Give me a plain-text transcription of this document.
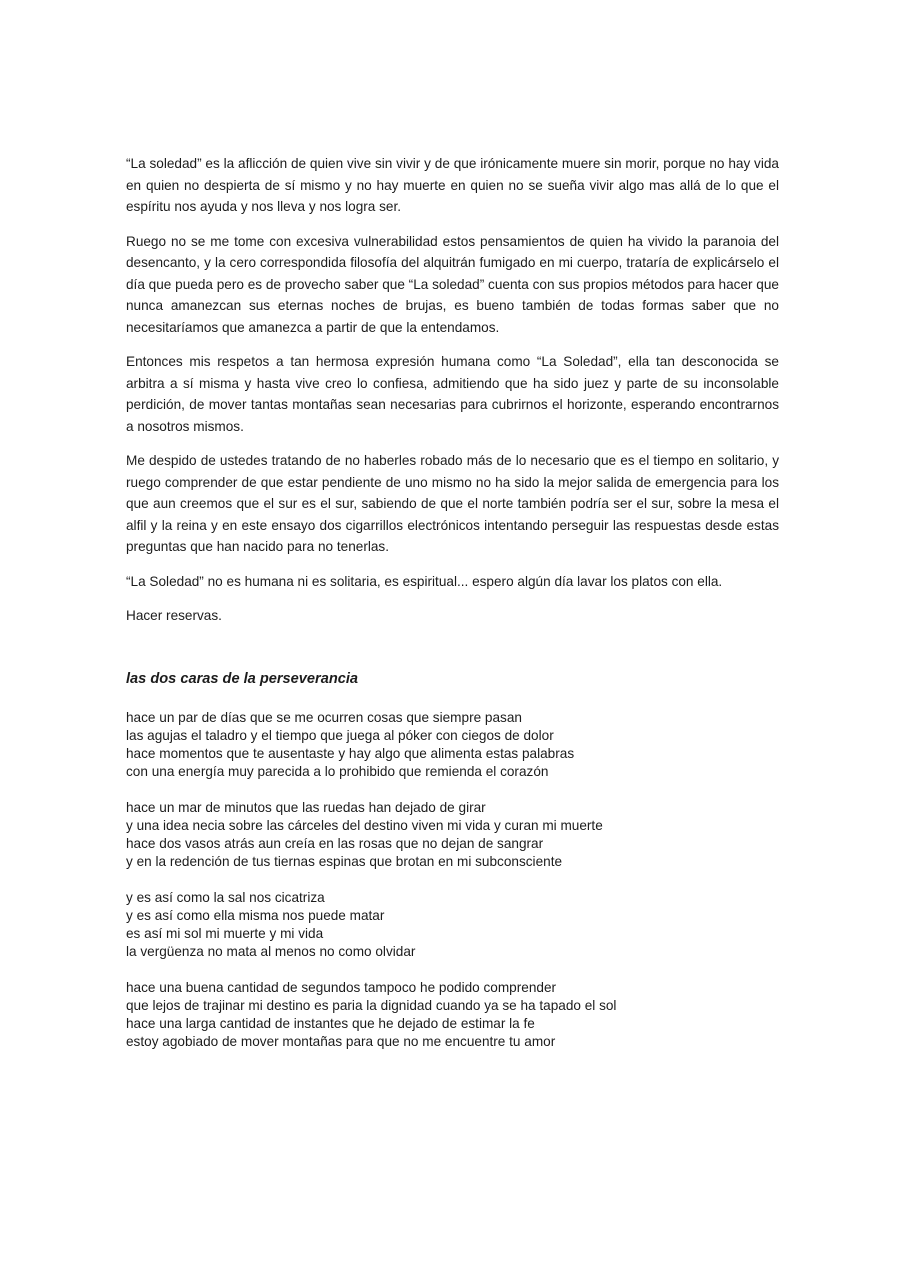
“La soledad” es la aflicción de quien vive sin vivir y de que irónicamente muere sin morir, porque no hay vida en quien no despierta de sí mismo y no hay muerte en quien no se sueña vivir algo mas allá de lo que el espíritu nos ayuda y nos lleva y nos logra ser.

Ruego no se me tome con excesiva vulnerabilidad estos pensamientos de quien ha vivido la paranoia del desencanto, y la cero correspondida filosofía del alquitrán fumigado en mi cuerpo, trataría de explicárselo el día que pueda pero es de provecho saber que “La soledad” cuenta con sus propios métodos para hacer que nunca amanezcan sus eternas noches de brujas, es bueno también de todas formas saber que no necesitaríamos que amanezca a partir de que la entendamos.

Entonces mis respetos a tan hermosa expresión humana como “La Soledad”, ella tan desconocida se arbitra a sí misma y hasta vive creo lo confiesa, admitiendo que ha sido juez y parte de su inconsolable perdición, de mover tantas montañas sean necesarias para cubrirnos el horizonte, esperando encontrarnos a nosotros mismos.

Me despido de ustedes tratando de no haberles robado más de lo necesario que es el tiempo en solitario, y ruego comprender de que estar pendiente de uno mismo no ha sido la mejor salida de emergencia para los que aun creemos que el sur es el sur, sabiendo de que el norte también podría ser el sur, sobre la mesa el alfil y la reina y en este ensayo dos cigarrillos electrónicos intentando perseguir las respuestas desde estas preguntas que han nacido para no tenerlas.

“La Soledad” no es humana ni es solitaria, es espiritual... espero algún día lavar los platos con ella.

Hacer reservas.

las dos caras de la perseverancia
hace un par de días que se me ocurren cosas que siempre pasan
las agujas el taladro y el tiempo que juega al póker con ciegos de dolor
hace momentos que te ausentaste y hay algo que alimenta estas palabras
con una energía muy parecida a lo prohibido que remienda el corazón
hace un mar de minutos que las ruedas han dejado de girar
y una idea necia sobre las cárceles del destino viven mi vida y curan mi muerte
hace dos vasos atrás aun creía en las rosas que no dejan de sangrar
y en la redención de tus tiernas espinas que brotan en mi subconsciente
y es así como la sal nos cicatriza
y es así como ella misma nos puede matar
es así mi sol mi muerte y mi vida
la vergüenza no mata al menos no como olvidar
hace una buena cantidad de segundos tampoco he podido comprender
que lejos de trajinar mi destino es paria la dignidad cuando ya se ha tapado el sol
hace una larga cantidad de instantes que he dejado de estimar la fe
estoy agobiado de mover montañas para que no me encuentre tu amor
